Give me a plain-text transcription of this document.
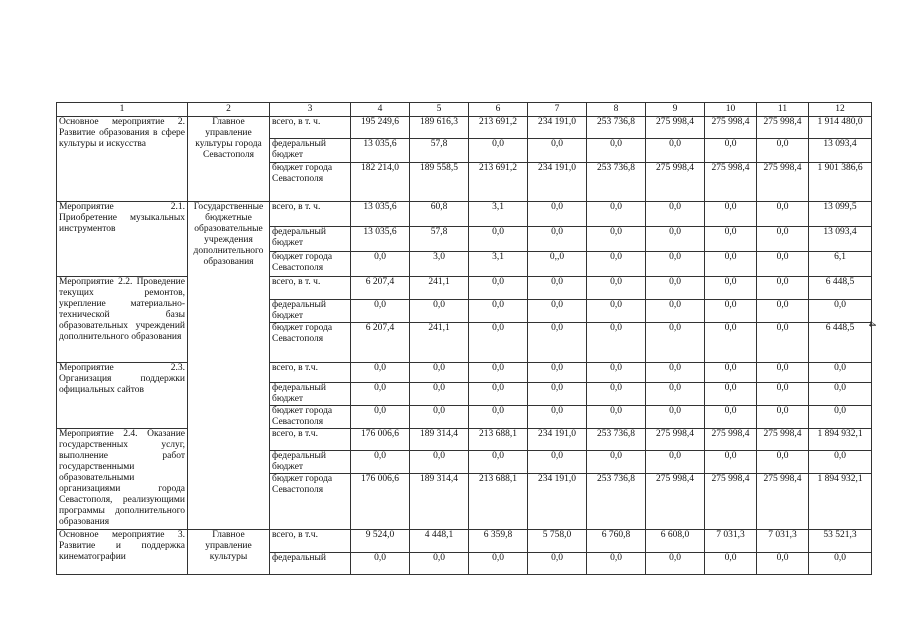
4
1	2	3	4	5	6	7	8	9	10	11	12
Основное мероприятие 2. Развитие образования в сфере культуры и искусства	Главное управление культуры города Севастополя	всего, в т. ч.	195 249,6	189 616,3	213 691,2	234 191,0	253 736,8	275 998,4	275 998,4	275 998,4	1 914 480,0
		федеральный бюджет	13 035,6	57,8	0,0	0,0	0,0	0,0	0,0	0,0	13 093,4
		бюджет города Севастополя	182 214,0	189 558,5	213 691,2	234 191,0	253 736,8	275 998,4	275 998,4	275 998,4	1 901 386,6
Мероприятие 2.1. Приобретение музыкальных инструментов	Государственные бюджетные образовательные учреждения дополнительного образования	всего, в т. ч.	13 035,6	60,8	3,1	0,0	0,0	0,0	0,0	0,0	13 099,5
		федеральный бюджет	13 035,6	57,8	0,0	0,0	0,0	0,0	0,0	0,0	13 093,4
		бюджет города Севастополя	0,0	3,0	3,1	0,,0	0,0	0,0	0,0	0,0	6,1
Мероприятие 2.2. Проведение текущих ремонтов, укрепление материально-технической базы образовательных учреждений дополнительного образования		всего, в т. ч.	6 207,4	241,1	0,0	0,0	0,0	0,0	0,0	0,0	6 448,5
		федеральный бюджет	0,0	0,0	0,0	0,0	0,0	0,0	0,0	0,0	0,0
		бюджет города Севастополя	6 207,4	241,1	0,0	0,0	0,0	0,0	0,0	0,0	6 448,5
Мероприятие 2.3. Организация поддержки официальных сайтов		всего, в т.ч.	0,0	0,0	0,0	0,0	0,0	0,0	0,0	0,0	0,0
		федеральный бюджет	0,0	0,0	0,0	0,0	0,0	0,0	0,0	0,0	0,0
		бюджет города Севастополя	0,0	0,0	0,0	0,0	0,0	0,0	0,0	0,0	0,0
Мероприятие 2.4. Оказание государственных услуг, выполнение работ государственными образовательными организациями города Севастополя, реализующими программы дополнительного образования		всего, в т.ч.	176 006,6	189 314,4	213 688,1	234 191,0	253 736,8	275 998,4	275 998,4	275 998,4	1 894 932,1
		федеральный бюджет	0,0	0,0	0,0	0,0	0,0	0,0	0,0	0,0	0,0
		бюджет города Севастополя	176 006,6	189 314,4	213 688,1	234 191,0	253 736,8	275 998,4	275 998,4	275 998,4	1 894 932,1
Основное мероприятие 3. Развитие и поддержка кинематографии	Главное управление культуры	всего, в т.ч.	9 524,0	4 448,1	6 359,8	5 758,0	6 760,8	6 608,0	7 031,3	7 031,3	53 521,3
		федеральный	0,0	0,0	0,0	0,0	0,0	0,0	0,0	0,0	0,0
